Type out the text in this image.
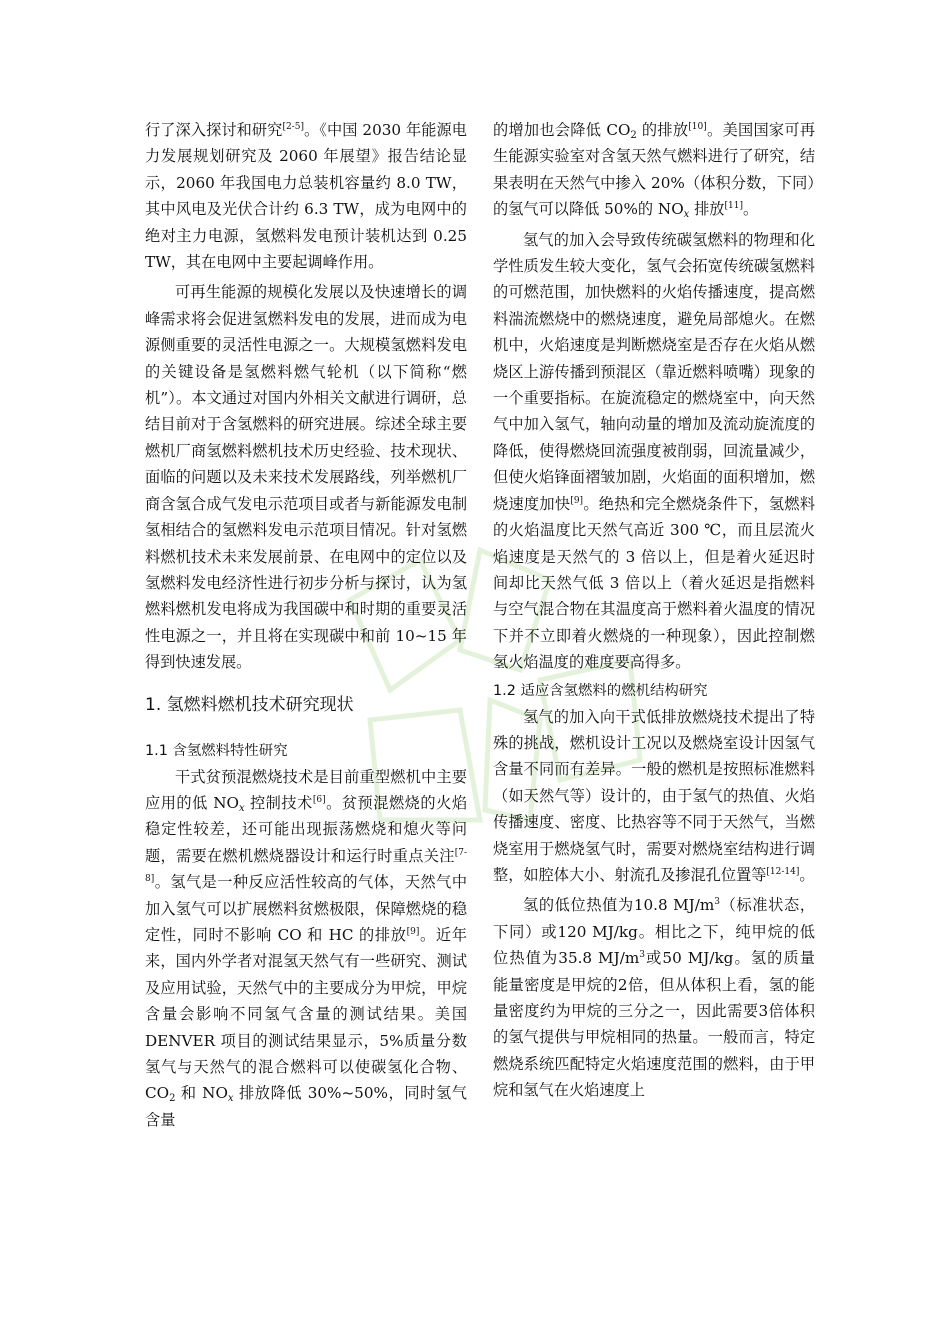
行了深入探讨和研究[2-5]。《中国 2030 年能源电力发展规划研究及 2060 年展望》报告结论显示，2060 年我国电力总装机容量约 8.0 TW，其中风电及光伏合计约 6.3 TW，成为电网中的绝对主力电源，氢燃料发电预计装机达到 0.25 TW，其在电网中主要起调峰作用。

可再生能源的规模化发展以及快速增长的调峰需求将会促进氢燃料发电的发展，进而成为电源侧重要的灵活性电源之一。大规模氢燃料发电的关键设备是氢燃料燃气轮机（以下简称“燃机”）。本文通过对国内外相关文献进行调研，总结目前对于含氢燃料的研究进展。综述全球主要燃机厂商氢燃料燃机技术历史经验、技术现状、面临的问题以及未来技术发展路线，列举燃机厂商含氢合成气发电示范项目或者与新能源发电制氢相结合的氢燃料发电示范项目情况。针对氢燃料燃机技术未来发展前景、在电网中的定位以及氢燃料发电经济性进行初步分析与探讨，认为氢燃料燃机发电将成为我国碳中和时期的重要灵活性电源之一，并且将在实现碳中和前 10~15 年得到快速发展。

1. 氢燃料燃机技术研究现状
1.1 含氢燃料特性研究

干式贫预混燃烧技术是目前重型燃机中主要应用的低 $NO_x$ 控制技术[6]。贫预混燃烧的火焰稳定性较差，还可能出现振荡燃烧和熄火等问题，需要在燃机燃烧器设计和运行时重点关注[7-8]。氢气是一种反应活性较高的气体，天然气中加入氢气可以扩展燃料贫燃极限，保障燃烧的稳定性，同时不影响 CO 和 HC 的排放[9]。近年来，国内外学者对混氢天然气有一些研究、测试及应用试验，天然气中的主要成分为甲烷，甲烷含量会影响不同氢气含量的测试结果。美国 DENVER 项目的测试结果显示，5%质量分数氢气与天然气的混合燃料可以使碳氢化合物、$CO_2$ 和 $NO_x$ 排放降低 30%~50%，同时氢气含量

的增加也会降低 $CO_2$ 的排放[10]。美国国家可再生能源实验室对含氢天然气燃料进行了研究，结果表明在天然气中掺入 20%（体积分数，下同）的氢气可以降低 50%的 $NO_x$ 排放[11]。

氢气的加入会导致传统碳氢燃料的物理和化学性质发生较大变化，氢气会拓宽传统碳氢燃料的可燃范围，加快燃料的火焰传播速度，提高燃料湍流燃烧中的燃烧速度，避免局部熄火。在燃机中，火焰速度是判断燃烧室是否存在火焰从燃烧区上游传播到预混区（靠近燃料喷嘴）现象的一个重要指标。在旋流稳定的燃烧室中，向天然气中加入氢气，轴向动量的增加及流动旋流度的降低，使得燃烧回流强度被削弱，回流量减少，但使火焰锋面褶皱加剧，火焰面的面积增加，燃烧速度加快[9]。绝热和完全燃烧条件下，氢燃料的火焰温度比天然气高近 300 ℃，而且层流火焰速度是天然气的 3 倍以上，但是着火延迟时间却比天然气低 3 倍以上（着火延迟是指燃料与空气混合物在其温度高于燃料着火温度的情况下并不立即着火燃烧的一种现象），因此控制燃氢火焰温度的难度要高得多。

1.2 适应含氢燃料的燃机结构研究

氢气的加入向干式低排放燃烧技术提出了特殊的挑战，燃机设计工况以及燃烧室设计因氢气含量不同而有差异。一般的燃机是按照标准燃料（如天然气等）设计的，由于氢气的热值、火焰传播速度、密度、比热容等不同于天然气，当燃烧室用于燃烧氢气时，需要对燃烧室结构进行调整，如腔体大小、射流孔及掺混孔位置等[12-14]。

氢的低位热值为10.8 $MJ/m^3$（标准状态，下同）或120 MJ/kg。相比之下，纯甲烷的低位热值为35.8 $MJ/m^3$或50 MJ/kg。氢的质量能量密度是甲烷的2倍，但从体积上看，氢的能量密度约为甲烷的三分之一，因此需要3倍体积的氢气提供与甲烷相同的热量。一般而言，特定燃烧系统匹配特定火焰速度范围的燃料，由于甲烷和氢气在火焰速度上
